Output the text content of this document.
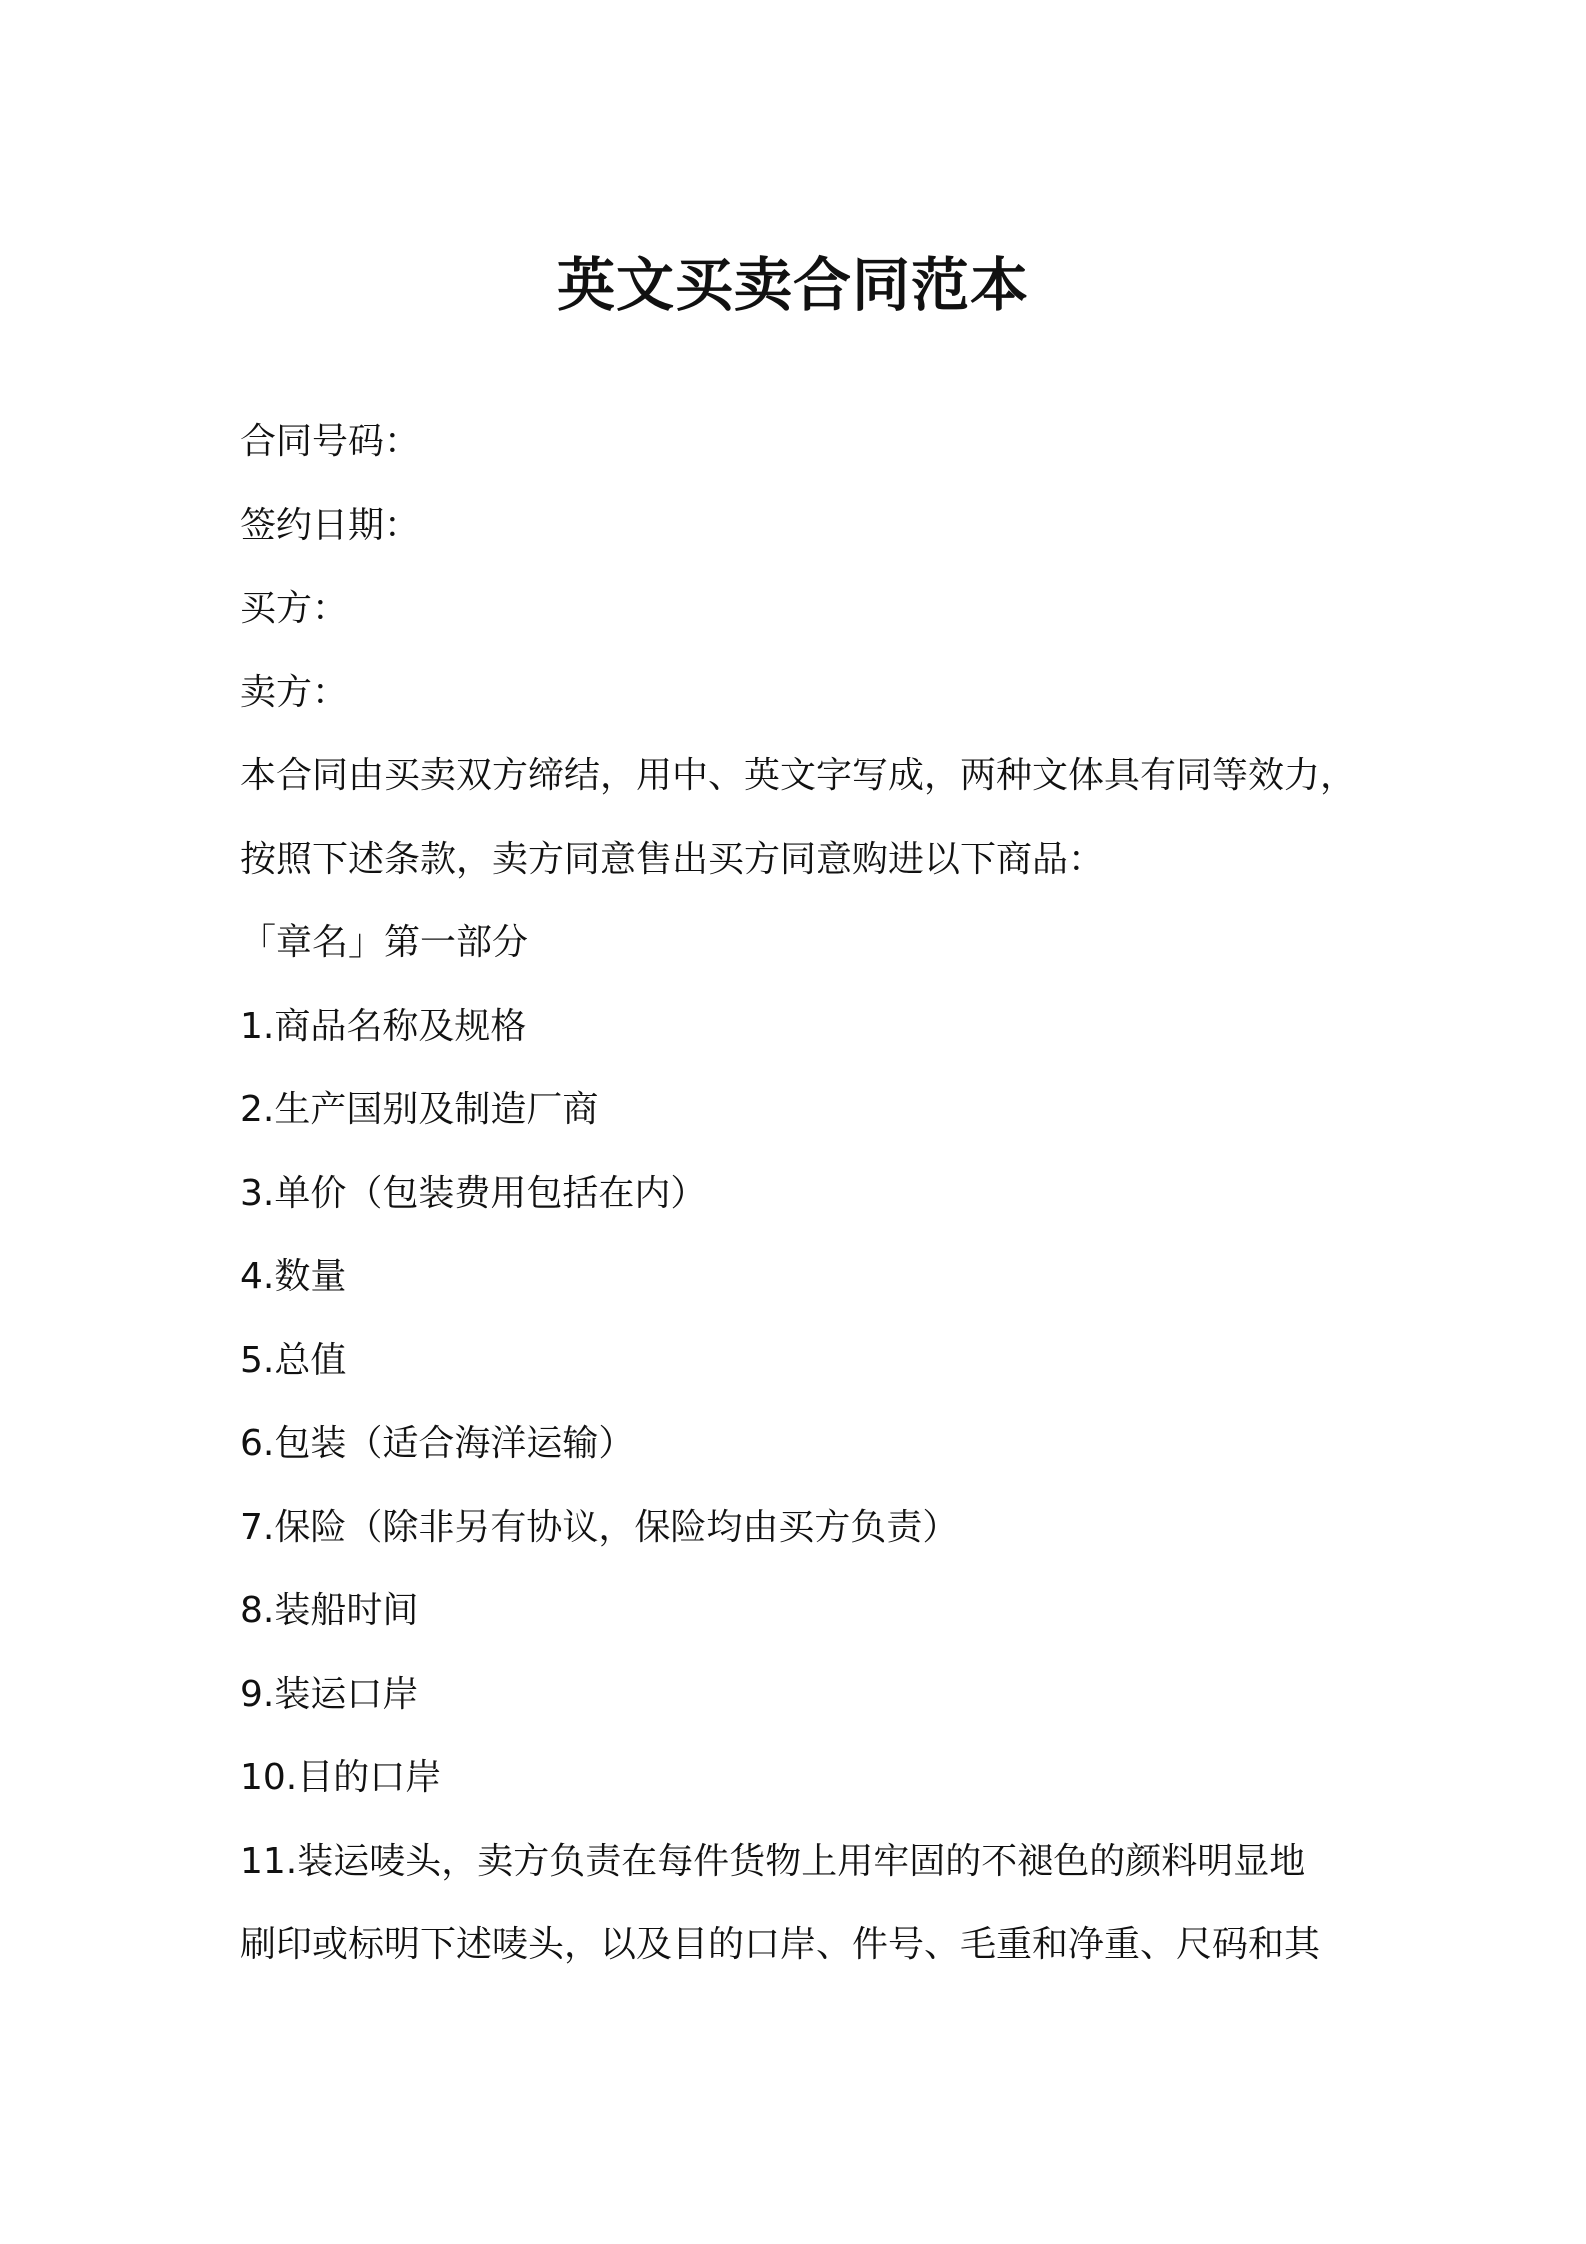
英文买卖合同范本
合同号码：
签约日期：
买方：
卖方：
本合同由买卖双方缔结，用中、英文字写成，两种文体具有同等效力，
按照下述条款，卖方同意售出买方同意购进以下商品：
「章名」第一部分
1.商品名称及规格
2.生产国别及制造厂商
3.单价（包装费用包括在内）
4.数量
5.总值
6.包装（适合海洋运输）
7.保险（除非另有协议，保险均由买方负责）
8.装船时间
9.装运口岸
10.目的口岸
11.装运唛头，卖方负责在每件货物上用牢固的不褪色的颜料明显地
刷印或标明下述唛头，以及目的口岸、件号、毛重和净重、尺码和其
